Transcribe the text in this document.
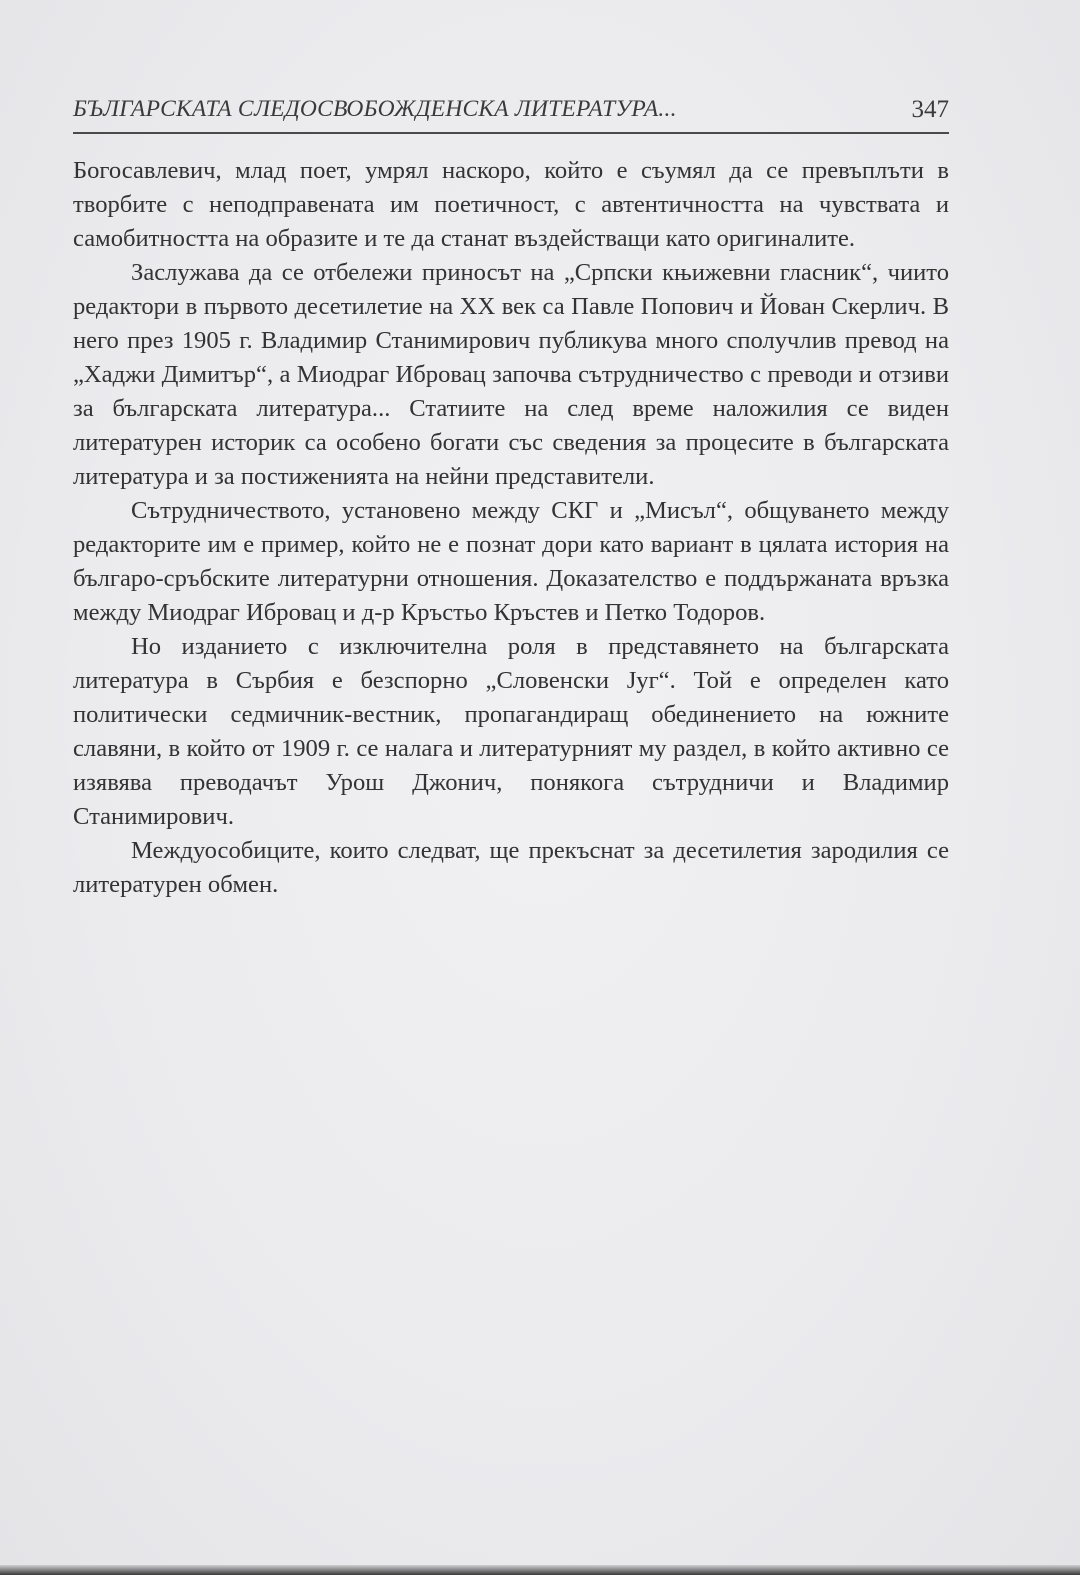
БЪЛГАРСКАТА СЛЕДОСВОБОЖДЕНСКА ЛИТЕРАТУРА...	347

Богосавлевич, млад поет, умрял наскоро, който е съумял да се превъплъти в творбите с неподправената им поетичност, с автентичността на чувствата и самобитността на образите и те да станат въздействащи като оригиналите.

Заслужава да се отбележи приносът на „Српски књижевни гласник“, чиито редактори в първото десетилетие на XX век са Павле Попович и Йован Скерлич. В него през 1905 г. Владимир Станимирович публикува много сполучлив превод на „Хаджи Димитър“, а Миодраг Ибровац започва сътрудничество с преводи и отзиви за българската литература... Статиите на след време наложилия се виден литературен историк са особено богати със сведения за процесите в българската литература и за постиженията на нейни представители.

Сътрудничеството, установено между СКГ и „Мисъл“, общуването между редакторите им е пример, който не е познат дори като вариант в цялата история на българо-сръбските литературни отношения. Доказателство е поддържаната връзка между Миодраг Ибровац и д-р Кръстьо Кръстев и Петко Тодоров.

Но изданието с изключителна роля в представянето на българската литература в Сърбия е безспорно „Словенски Југ“. Той е определен като политически седмичник-вестник, пропагандиращ обединението на южните славяни, в който от 1909 г. се налага и литературният му раздел, в който активно се изявява преводачът Урош Джонич, понякога сътрудничи и Владимир Станимирович.

Междуособиците, които следват, ще прекъснат за десетилетия зародилия се литературен обмен.
